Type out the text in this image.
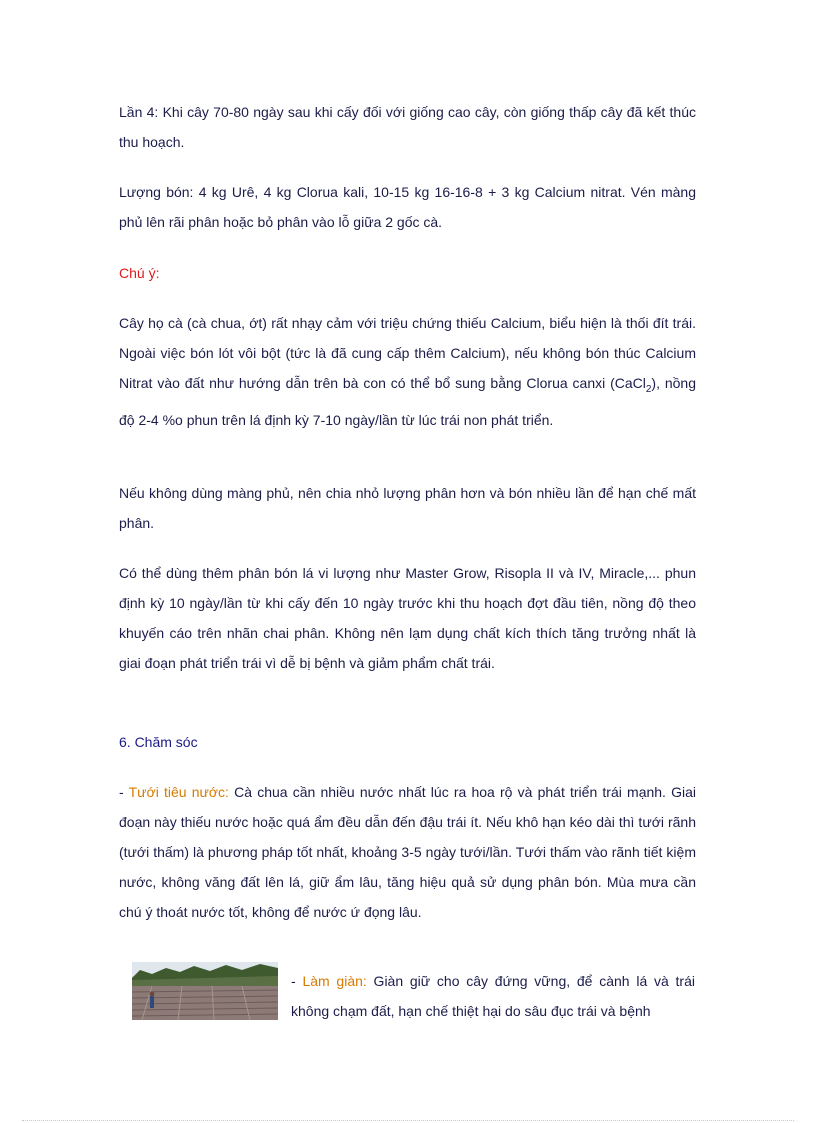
Lần 4: Khi cây 70-80 ngày sau khi cấy đối với giống cao cây, còn giống thấp cây đã kết thúc thu hoạch.

Lượng bón: 4 kg Urê, 4 kg Clorua kali, 10-15 kg 16-16-8 + 3 kg Calcium nitrat. Vén màng phủ lên rãi phân hoặc bỏ phân vào lỗ giữa 2 gốc cà.

Chú ý:

Cây họ cà (cà chua, ớt) rất nhạy cảm với triệu chứng thiếu Calcium, biểu hiện là thối đít trái. Ngoài việc bón lót vôi bột (tức là đã cung cấp thêm Calcium), nếu không bón thúc Calcium Nitrat vào đất như hướng dẫn trên bà con có thể bổ sung bằng Clorua canxi (CaCl$_2$), nồng độ 2-4 %o phun trên lá định kỳ 7-10 ngày/lần từ lúc trái non phát triển.

Nếu không dùng màng phủ, nên chia nhỏ lượng phân hơn và bón nhiều lần để hạn chế mất phân.

Có thể dùng thêm phân bón lá vi lượng như Master Grow, Risopla II và IV, Miracle,... phun định kỳ 10 ngày/lần từ khi cấy đến 10 ngày trước khi thu hoạch đợt đầu tiên, nồng độ theo khuyến cáo trên nhãn chai phân. Không nên lạm dụng chất kích thích tăng trưởng nhất là giai đoạn phát triển trái vì dễ bị bệnh và giảm phẩm chất trái.

6. Chăm sóc

- Tưới tiêu nước: Cà chua cần nhiều nước nhất lúc ra hoa rộ và phát triển trái mạnh. Giai đoạn này thiếu nước hoặc quá ẩm đều dẫn đến đậu trái ít. Nếu khô hạn kéo dài thì tưới rãnh (tưới thấm) là phương pháp tốt nhất, khoảng 3-5 ngày tưới/lần. Tưới thấm vào rãnh tiết kiệm nước, không văng đất lên lá, giữ ẩm lâu, tăng hiệu quả sử dụng phân bón. Mùa mưa cần chú ý thoát nước tốt, không để nước ứ đọng lâu.

- Làm giàn: Giàn giữ cho cây đứng vững, để cành lá và trái không chạm đất, hạn chế thiệt hại do sâu đục trái và bệnh
